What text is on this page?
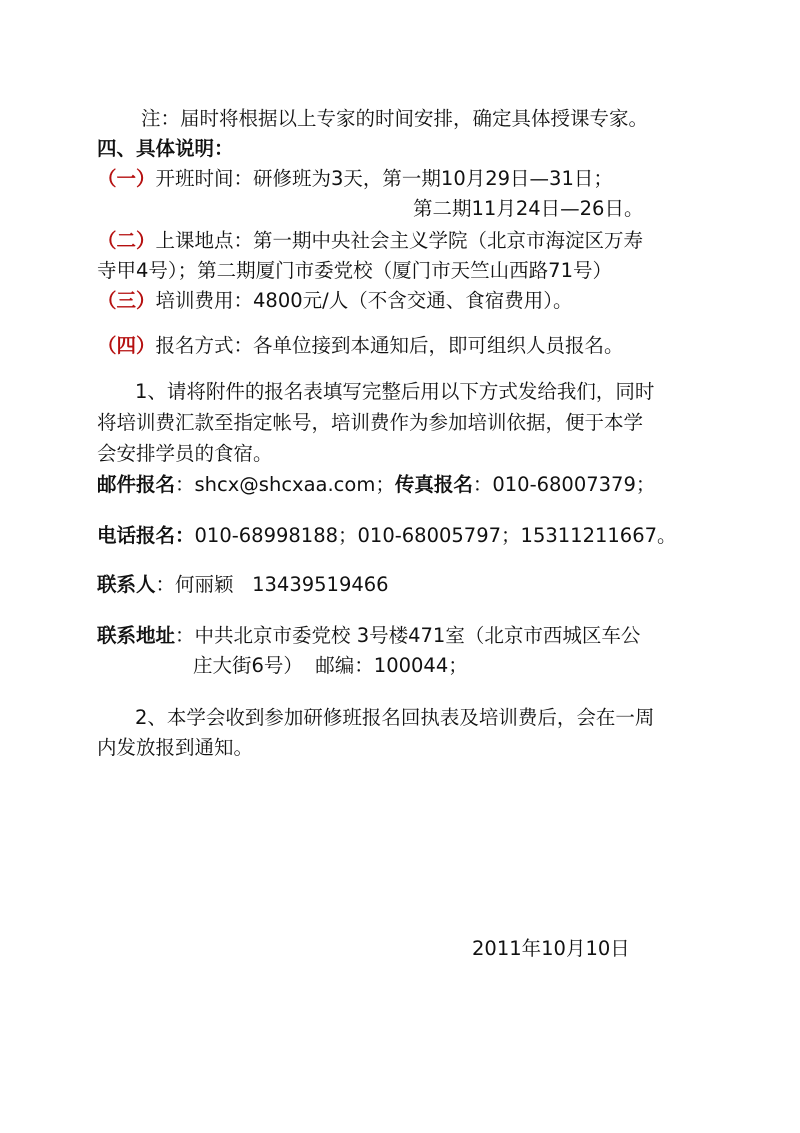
注：届时将根据以上专家的时间安排，确定具体授课专家。
四、具体说明：
（一）开班时间：研修班为3天，第一期10月29日—31日；
第二期11月24日—26日。
（二）上课地点：第一期中央社会主义学院（北京市海淀区万寿
寺甲4号）；第二期厦门市委党校（厦门市天竺山西路71号）
（三）培训费用：4800元/人（不含交通、食宿费用）。
（四）报名方式：各单位接到本通知后，即可组织人员报名。
1、请将附件的报名表填写完整后用以下方式发给我们，同时
将培训费汇款至指定帐号，培训费作为参加培训依据，便于本学
会安排学员的食宿。
邮件报名：shcx@shcxaa.com；传真报名：010-68007379；
电话报名：010-68998188；010-68005797；15311211667。
联系人：何丽颖   13439519466
联系地址：中共北京市委党校 3号楼471室（北京市西城区车公
庄大街6号）  邮编：100044；
2、本学会收到参加研修班报名回执表及培训费后，会在一周
内发放报到通知。
2011年10月10日
